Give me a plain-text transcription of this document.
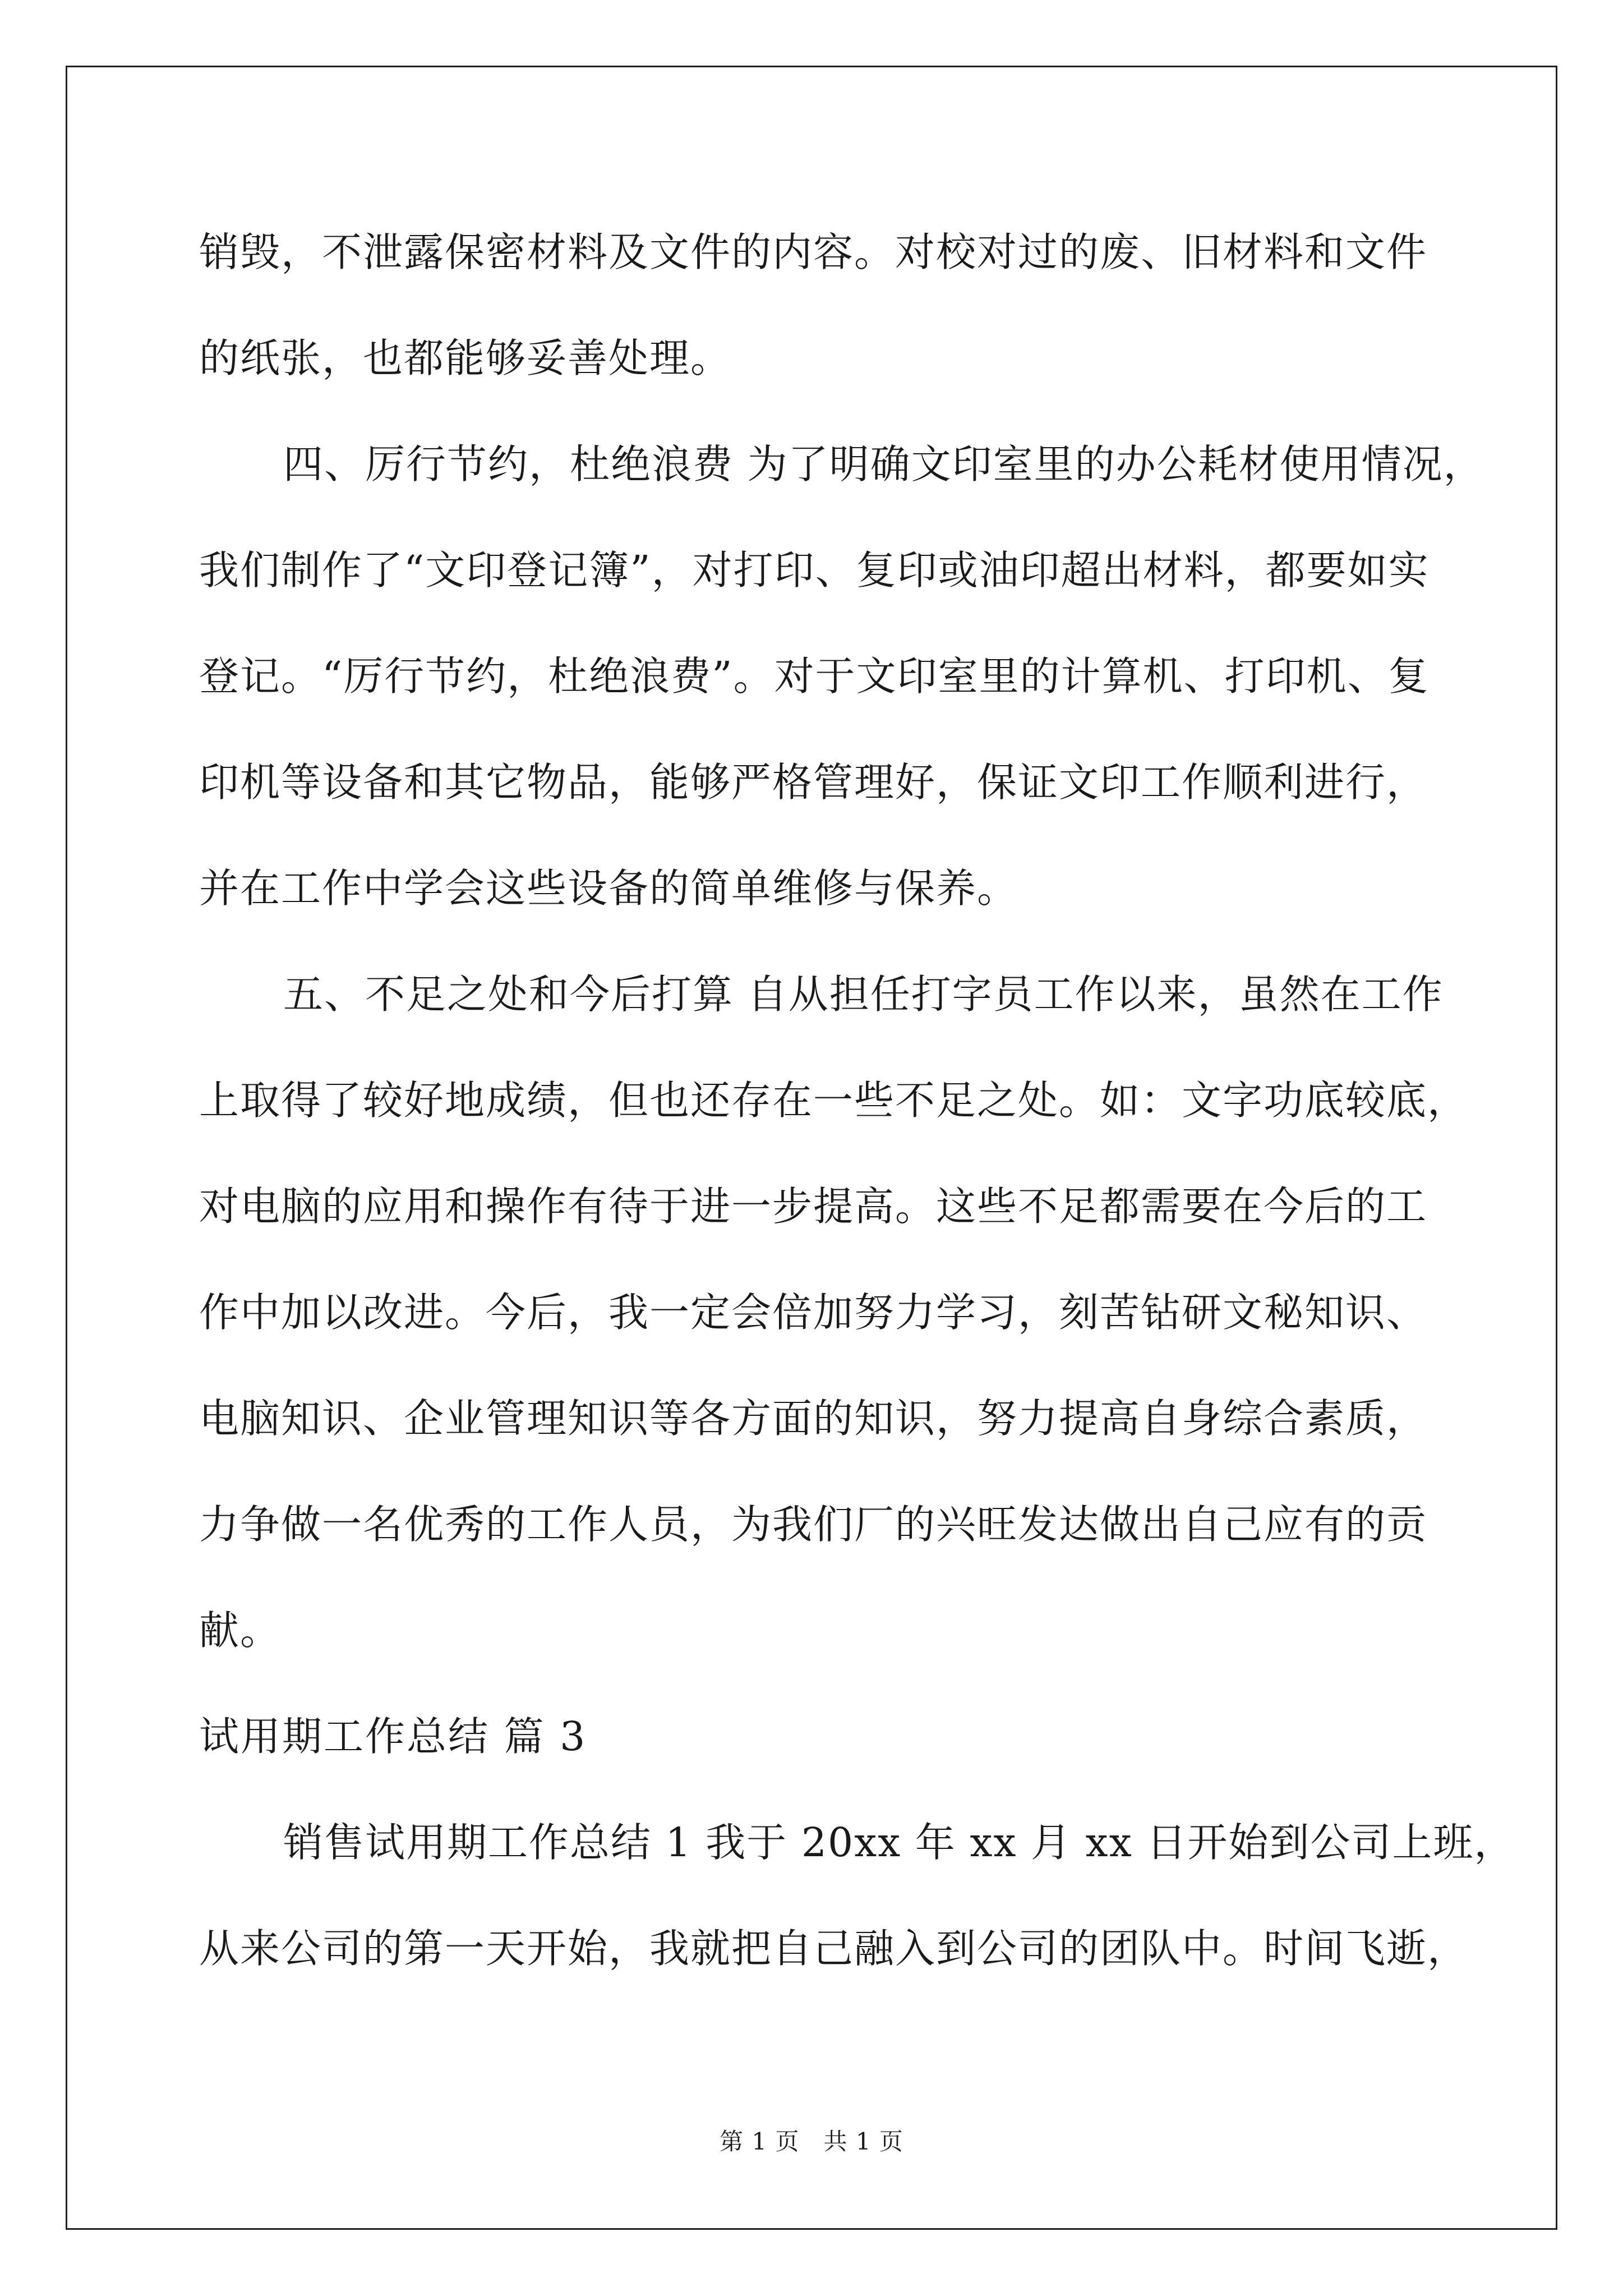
销毁，不泄露保密材料及文件的内容。对校对过的废、旧材料和文件
的纸张，也都能够妥善处理。
四、厉行节约，杜绝浪费 为了明确文印室里的办公耗材使用情况，
我们制作了“文印登记簿”，对打印、复印或油印超出材料，都要如实
登记。“厉行节约，杜绝浪费”。对于文印室里的计算机、打印机、复
印机等设备和其它物品，能够严格管理好，保证文印工作顺利进行，
并在工作中学会这些设备的简单维修与保养。
五、不足之处和今后打算 自从担任打字员工作以来，虽然在工作
上取得了较好地成绩，但也还存在一些不足之处。如：文字功底较底，
对电脑的应用和操作有待于进一步提高。这些不足都需要在今后的工
作中加以改进。今后，我一定会倍加努力学习，刻苦钻研文秘知识、
电脑知识、企业管理知识等各方面的知识，努力提高自身综合素质，
力争做一名优秀的工作人员，为我们厂的兴旺发达做出自己应有的贡
献。
试用期工作总结 篇 3
销售试用期工作总结 1 我于 20xx 年 xx 月 xx 日开始到公司上班，
从来公司的第一天开始，我就把自己融入到公司的团队中。时间飞逝，
第 1 页　共 1 页
